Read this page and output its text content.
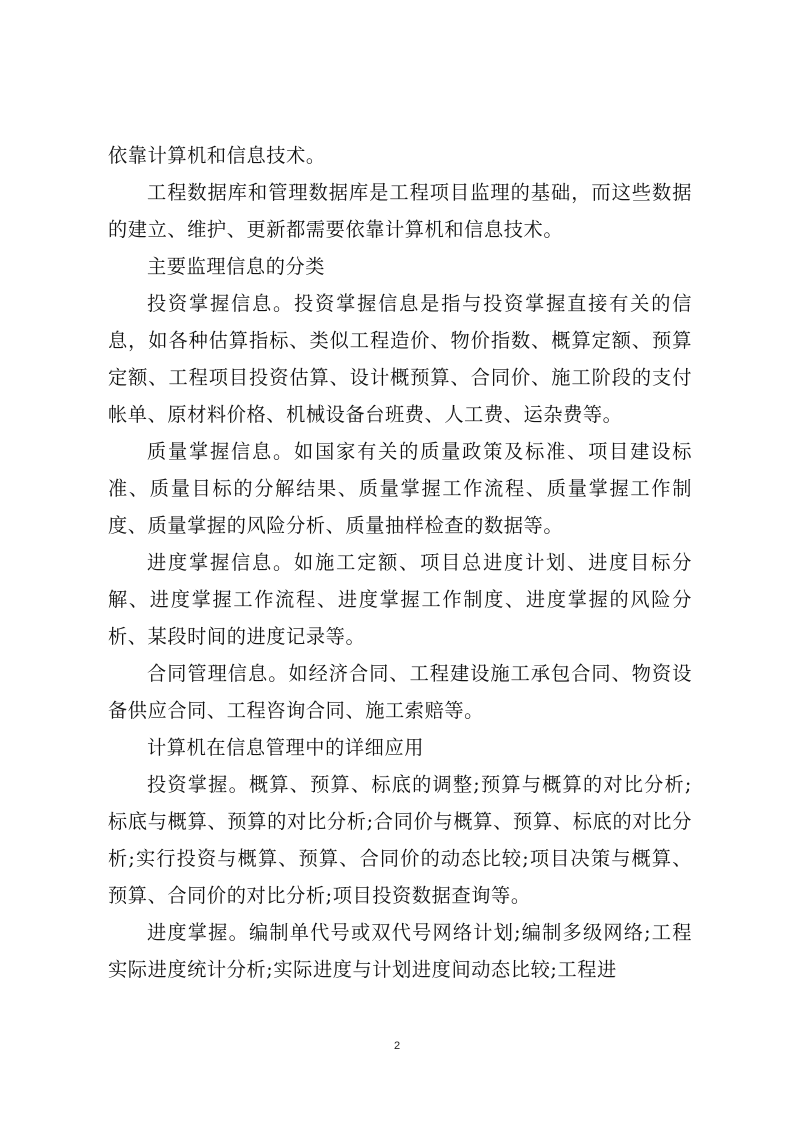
依靠计算机和信息技术。

工程数据库和管理数据库是工程项目监理的基础，而这些数据的建立、维护、更新都需要依靠计算机和信息技术。

主要监理信息的分类

投资掌握信息。投资掌握信息是指与投资掌握直接有关的信息，如各种估算指标、类似工程造价、物价指数、概算定额、预算定额、工程项目投资估算、设计概预算、合同价、施工阶段的支付帐单、原材料价格、机械设备台班费、人工费、运杂费等。

质量掌握信息。如国家有关的质量政策及标准、项目建设标准、质量目标的分解结果、质量掌握工作流程、质量掌握工作制度、质量掌握的风险分析、质量抽样检查的数据等。

进度掌握信息。如施工定额、项目总进度计划、进度目标分解、进度掌握工作流程、进度掌握工作制度、进度掌握的风险分析、某段时间的进度记录等。

合同管理信息。如经济合同、工程建设施工承包合同、物资设备供应合同、工程咨询合同、施工索赔等。

计算机在信息管理中的详细应用

投资掌握。概算、预算、标底的调整;预算与概算的对比分析;标底与概算、预算的对比分析;合同价与概算、预算、标底的对比分析;实行投资与概算、预算、合同价的动态比较;项目决策与概算、预算、合同价的对比分析;项目投资数据查询等。

进度掌握。编制单代号或双代号网络计划;编制多级网络;工程实际进度统计分析;实际进度与计划进度间动态比较;工程进

2
